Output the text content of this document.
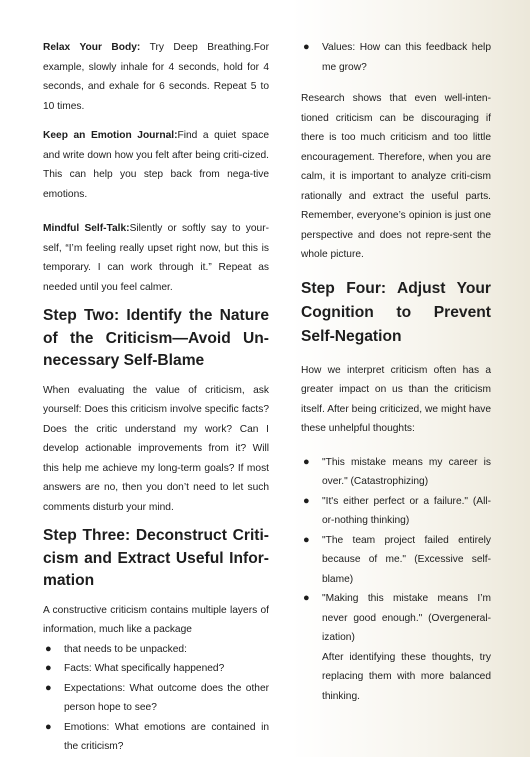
Relax Your Body: Try Deep Breathing.For example, slowly inhale for 4 seconds, hold for 4 seconds, and exhale for 6 seconds. Repeat 5 to 10 times.

Keep an Emotion Journal:Find a quiet space and write down how you felt after being criti-cized. This can help you step back from nega-tive emotions.

Mindful Self-Talk:Silently or softly say to your-self, “I’m feeling really upset right now, but this is temporary. I can work through it.” Repeat as needed until you feel calmer.

Step Two: Identify the Nature of the Criticism—Avoid Un-necessary Self-Blame

When evaluating the value of criticism, ask yourself: Does this criticism involve specific facts? Does the critic understand my work? Can I develop actionable improvements from it? Will this help me achieve my long-term goals? If most answers are no, then you don’t need to let such comments disturb your mind.

Step Three: Deconstruct Criti-cism and Extract Useful Infor-mation

A constructive criticism contains multiple layers of information, much like a package

● that needs to be unpacked:
● Facts: What specifically happened?
● Expectations: What outcome does the other person hope to see?
● Emotions: What emotions are contained in the criticism?
● Values: How can this feedback help me grow?

Research shows that even well-inten-tioned criticism can be discouraging if there is too much criticism and too little encouragement. Therefore, when you are calm, it is important to analyze criti-cism rationally and extract the useful parts. Remember, everyone’s opinion is just one perspective and does not repre-sent the whole picture.

Step Four: Adjust Your Cognition to Prevent Self-Negation

How we interpret criticism often has a greater impact on us than the criticism itself. After being criticized, we might have these unhelpful thoughts:

● "This mistake means my career is over." (Catastrophizing)
● "It's either perfect or a failure." (All-or-nothing thinking)
● "The team project failed entirely because of me." (Excessive self-blame)
● "Making this mistake means I’m never good enough." (Overgeneral-ization)

After identifying these thoughts, try replacing them with more balanced thinking.
